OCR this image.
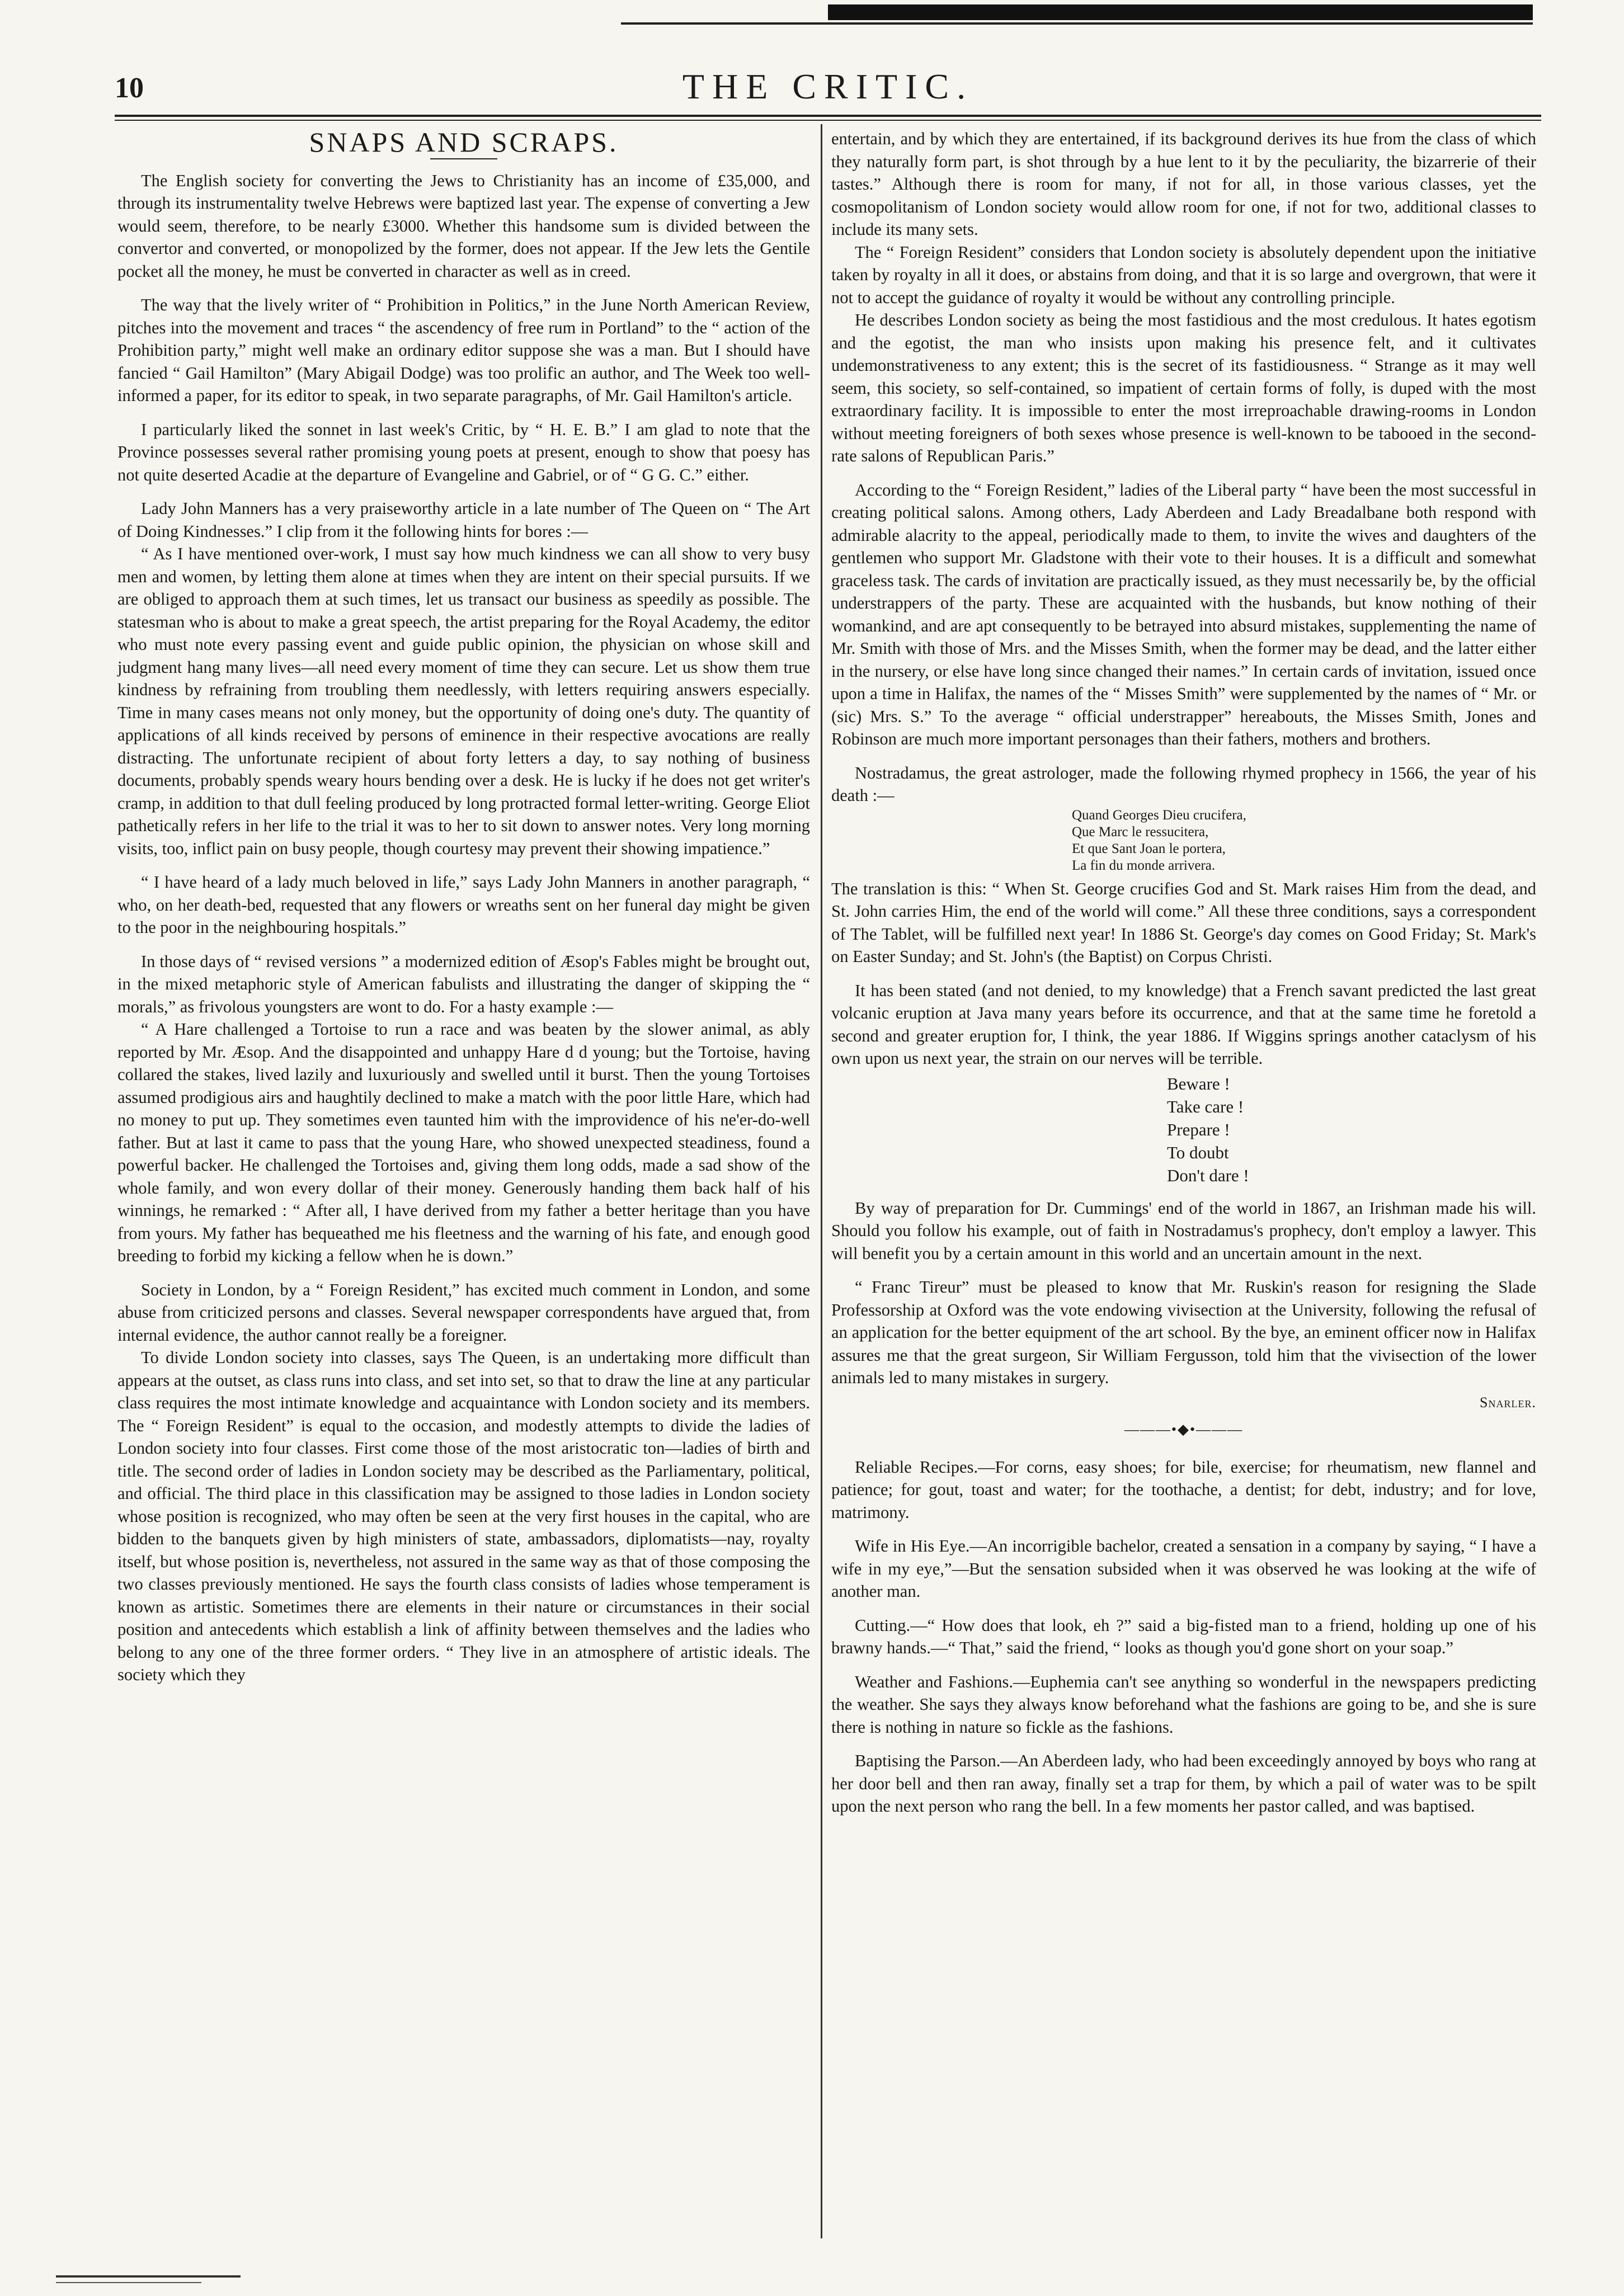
10	THE CRITIC.
SNAPS AND SCRAPS.

The English society for converting the Jews to Christianity has an income of £35,000, and through its instrumentality twelve Hebrews were baptized last year. The expense of converting a Jew would seem, therefore, to be nearly £3000. Whether this handsome sum is divided between the convertor and converted, or monopolized by the former, does not appear. If the Jew lets the Gentile pocket all the money, he must be converted in character as well as in creed.

The way that the lively writer of “ Prohibition in Politics,” in the June North American Review, pitches into the movement and traces “ the ascendency of free rum in Portland” to the “ action of the Prohibition party,” might well make an ordinary editor suppose she was a man. But I should have fancied “ Gail Hamilton” (Mary Abigail Dodge) was too prolific an author, and The Week too well-informed a paper, for its editor to speak, in two separate paragraphs, of Mr. Gail Hamilton's article.

I particularly liked the sonnet in last week's Critic, by “ H. E. B.” I am glad to note that the Province possesses several rather promising young poets at present, enough to show that poesy has not quite deserted Acadie at the departure of Evangeline and Gabriel, or of “ G G. C.” either.

Lady John Manners has a very praiseworthy article in a late number of The Queen on “ The Art of Doing Kindnesses.” I clip from it the following hints for bores :—

“ As I have mentioned over-work, I must say how much kindness we can all show to very busy men and women, by letting them alone at times when they are intent on their special pursuits. If we are obliged to approach them at such times, let us transact our business as speedily as possible. The statesman who is about to make a great speech, the artist preparing for the Royal Academy, the editor who must note every passing event and guide public opinion, the physician on whose skill and judgment hang many lives—all need every moment of time they can secure. Let us show them true kindness by refraining from troubling them needlessly, with letters requiring answers especially. Time in many cases means not only money, but the opportunity of doing one's duty. The quantity of applications of all kinds received by persons of eminence in their respective avocations are really distracting. The unfortunate recipient of about forty letters a day, to say nothing of business documents, probably spends weary hours bending over a desk. He is lucky if he does not get writer's cramp, in addition to that dull feeling produced by long protracted formal letter-writing. George Eliot pathetically refers in her life to the trial it was to her to sit down to answer notes. Very long morning visits, too, inflict pain on busy people, though courtesy may prevent their showing impatience.”

“ I have heard of a lady much beloved in life,” says Lady John Manners in another paragraph, “ who, on her death-bed, requested that any flowers or wreaths sent on her funeral day might be given to the poor in the neighbouring hospitals.”

In those days of “ revised versions ” a modernized edition of Æsop's Fables might be brought out, in the mixed metaphoric style of American fabulists and illustrating the danger of skipping the “ morals,” as frivolous youngsters are wont to do. For a hasty example :—

“ A Hare challenged a Tortoise to run a race and was beaten by the slower animal, as ably reported by Mr. Æsop. And the disappointed and unhappy Hare d d young; but the Tortoise, having collared the stakes, lived lazily and luxuriously and swelled until it burst. Then the young Tortoises assumed prodigious airs and haughtily declined to make a match with the poor little Hare, which had no money to put up. They sometimes even taunted him with the improvidence of his ne'er-do-well father. But at last it came to pass that the young Hare, who showed unexpected steadiness, found a powerful backer. He challenged the Tortoises and, giving them long odds, made a sad show of the whole family, and won every dollar of their money. Generously handing them back half of his winnings, he remarked : “ After all, I have derived from my father a better heritage than you have from yours. My father has bequeathed me his fleetness and the warning of his fate, and enough good breeding to forbid my kicking a fellow when he is down.”

Society in London, by a “ Foreign Resident,” has excited much comment in London, and some abuse from criticized persons and classes. Several newspaper correspondents have argued that, from internal evidence, the author cannot really be a foreigner.

To divide London society into classes, says The Queen, is an undertaking more difficult than appears at the outset, as class runs into class, and set into set, so that to draw the line at any particular class requires the most intimate knowledge and acquaintance with London society and its members. The “ Foreign Resident” is equal to the occasion, and modestly attempts to divide the ladies of London society into four classes. First come those of the most aristocratic ton—ladies of birth and title. The second order of ladies in London society may be described as the Parliamentary, political, and official. The third place in this classification may be assigned to those ladies in London society whose position is recognized, who may often be seen at the very first houses in the capital, who are bidden to the banquets given by high ministers of state, ambassadors, diplomatists—nay, royalty itself, but whose position is, nevertheless, not assured in the same way as that of those composing the two classes previously mentioned. He says the fourth class consists of ladies whose temperament is known as artistic. Sometimes there are elements in their nature or circumstances in their social position and antecedents which establish a link of affinity between themselves and the ladies who belong to any one of the three former orders. “ They live in an atmosphere of artistic ideals. The society which they

entertain, and by which they are entertained, if its background derives its hue from the class of which they naturally form part, is shot through by a hue lent to it by the peculiarity, the bizarrerie of their tastes.” Although there is room for many, if not for all, in those various classes, yet the cosmopolitanism of London society would allow room for one, if not for two, additional classes to include its many sets.

The “ Foreign Resident” considers that London society is absolutely dependent upon the initiative taken by royalty in all it does, or abstains from doing, and that it is so large and overgrown, that were it not to accept the guidance of royalty it would be without any controlling principle.

He describes London society as being the most fastidious and the most credulous. It hates egotism and the egotist, the man who insists upon making his presence felt, and it cultivates undemonstrativeness to any extent; this is the secret of its fastidiousness. “ Strange as it may well seem, this society, so self-contained, so impatient of certain forms of folly, is duped with the most extraordinary facility. It is impossible to enter the most irreproachable drawing-rooms in London without meeting foreigners of both sexes whose presence is well-known to be tabooed in the second-rate salons of Republican Paris.”

According to the “ Foreign Resident,” ladies of the Liberal party “ have been the most successful in creating political salons. Among others, Lady Aberdeen and Lady Breadalbane both respond with admirable alacrity to the appeal, periodically made to them, to invite the wives and daughters of the gentlemen who support Mr. Gladstone with their vote to their houses. It is a difficult and somewhat graceless task. The cards of invitation are practically issued, as they must necessarily be, by the official understrappers of the party. These are acquainted with the husbands, but know nothing of their womankind, and are apt consequently to be betrayed into absurd mistakes, supplementing the name of Mr. Smith with those of Mrs. and the Misses Smith, when the former may be dead, and the latter either in the nursery, or else have long since changed their names.” In certain cards of invitation, issued once upon a time in Halifax, the names of the “ Misses Smith” were supplemented by the names of “ Mr. or (sic) Mrs. S.” To the average “ official understrapper” hereabouts, the Misses Smith, Jones and Robinson are much more important personages than their fathers, mothers and brothers.

Nostradamus, the great astrologer, made the following rhymed prophecy in 1566, the year of his death :—

Quand Georges Dieu crucifera,
Que Marc le ressucitera,
Et que Sant Joan le portera,
La fin du monde arrivera.

The translation is this: “ When St. George crucifies God and St. Mark raises Him from the dead, and St. John carries Him, the end of the world will come.” All these three conditions, says a correspondent of The Tablet, will be fulfilled next year! In 1886 St. George's day comes on Good Friday; St. Mark's on Easter Sunday; and St. John's (the Baptist) on Corpus Christi.

It has been stated (and not denied, to my knowledge) that a French savant predicted the last great volcanic eruption at Java many years before its occurrence, and that at the same time he foretold a second and greater eruption for, I think, the year 1886. If Wiggins springs another cataclysm of his own upon us next year, the strain on our nerves will be terrible.

Beware !
Take care !
Prepare !
To doubt
Don't dare !

By way of preparation for Dr. Cummings' end of the world in 1867, an Irishman made his will. Should you follow his example, out of faith in Nostradamus's prophecy, don't employ a lawyer. This will benefit you by a certain amount in this world and an uncertain amount in the next.

“ Franc Tireur” must be pleased to know that Mr. Ruskin's reason for resigning the Slade Professorship at Oxford was the vote endowing vivisection at the University, following the refusal of an application for the better equipment of the art school. By the bye, an eminent officer now in Halifax assures me that the great surgeon, Sir William Fergusson, told him that the vivisection of the lower animals led to many mistakes in surgery.

Snarler.
———•◆•———

Reliable Recipes.—For corns, easy shoes; for bile, exercise; for rheumatism, new flannel and patience; for gout, toast and water; for the toothache, a dentist; for debt, industry; and for love, matrimony.

Wife in His Eye.—An incorrigible bachelor, created a sensation in a company by saying, “ I have a wife in my eye,”—But the sensation subsided when it was observed he was looking at the wife of another man.

Cutting.—“ How does that look, eh ?” said a big-fisted man to a friend, holding up one of his brawny hands.—“ That,” said the friend, “ looks as though you'd gone short on your soap.”

Weather and Fashions.—Euphemia can't see anything so wonderful in the newspapers predicting the weather. She says they always know beforehand what the fashions are going to be, and she is sure there is nothing in nature so fickle as the fashions.

Baptising the Parson.—An Aberdeen lady, who had been exceedingly annoyed by boys who rang at her door bell and then ran away, finally set a trap for them, by which a pail of water was to be spilt upon the next person who rang the bell. In a few moments her pastor called, and was baptised.
